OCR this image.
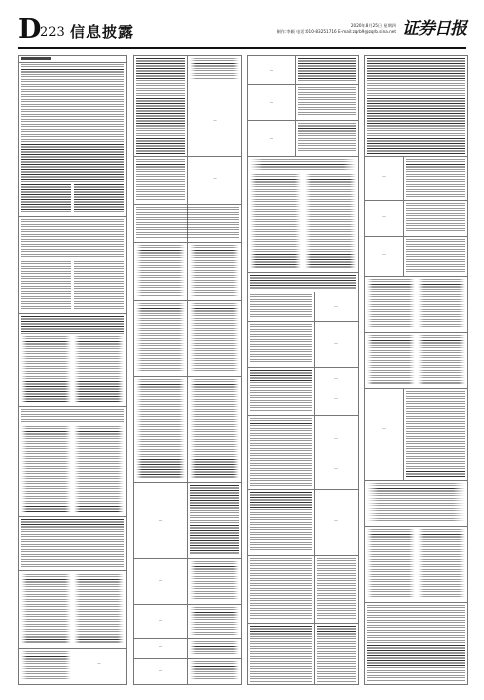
D 223 信息披露	2020年8月25日 星期四
制作:李颖 电话:010-83251716 E-mail:zqrb9@zqrb.sina.net 证券日报
—
—
—
—
—
—
—
—
—
—
—
—
—
—
—
—
—
—
—
—
—
—
